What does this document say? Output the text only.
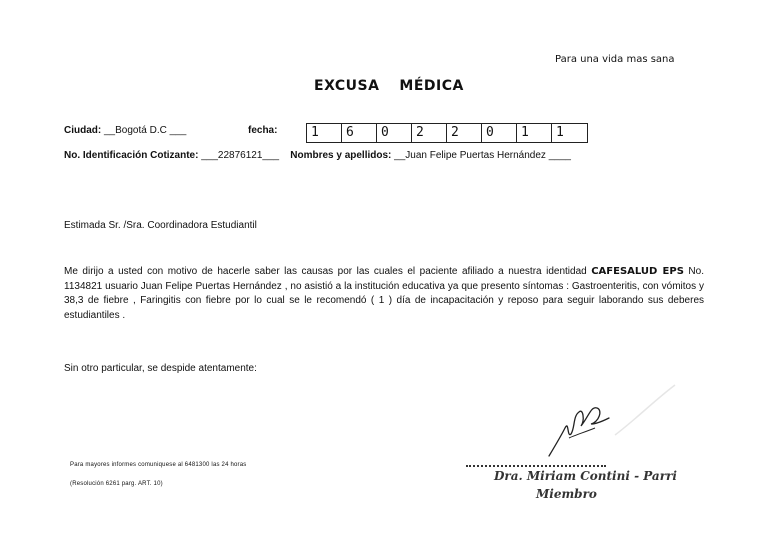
Para una vida mas sana
EXCUSA MÉDICA
Ciudad: __Bogotá D.C ___	fecha:	1	6	0	2	2	0	1	1
No. Identificación Cotizante: ___22876121___ Nombres y apellidos: __Juan Felipe Puertas Hernández ____
Estimada Sr. /Sra. Coordinadora Estudiantil
Me dirijo a usted con motivo de hacerle saber las causas por las cuales el paciente afiliado a nuestra identidad CAFESALUD EPS No. 1134821 usuario Juan Felipe Puertas Hernández , no asistió a la institución educativa ya que presento síntomas : Gastroenteritis, con vómitos y 38,3 de fiebre , Faringitis con fiebre por lo cual se le recomendó ( 1 ) día de incapacitación y reposo para seguir laborando sus deberes estudiantiles .
Sin otro particular, se despide atentamente:
Para mayores informes comuniquese al 6481300 las 24 horas
(Resolución 6261 parg. ART. 10)
Dra. Miriam Contini - Parri
Miembro
